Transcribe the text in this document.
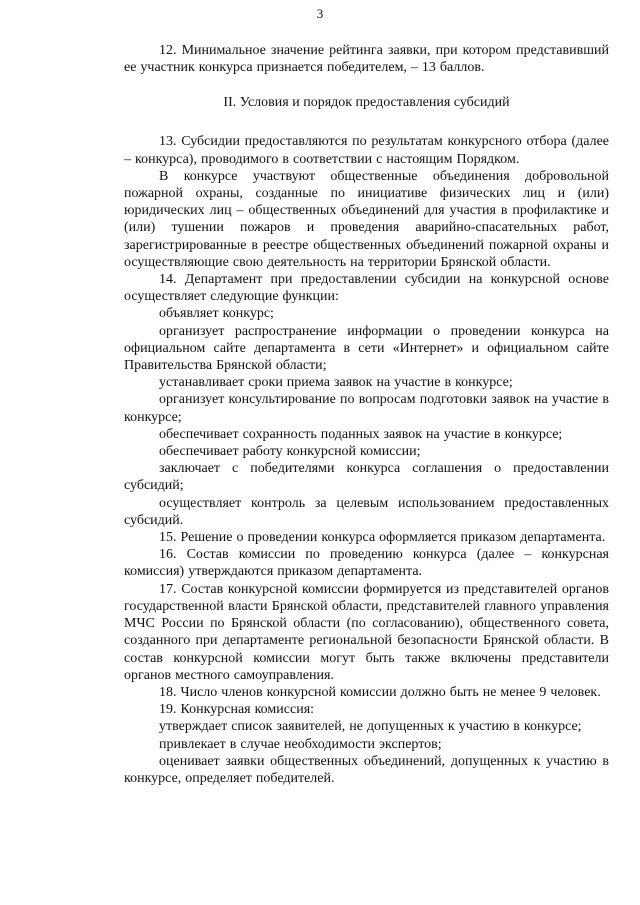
3

12. Минимальное значение рейтинга заявки, при котором представивший ее участник конкурса признается победителем, – 13 баллов.

II. Условия и порядок предоставления субсидий

13. Субсидии предоставляются по результатам конкурсного отбора (далее – конкурса), проводимого в соответствии с настоящим Порядком.

В конкурсе участвуют общественные объединения добровольной пожарной охраны, созданные по инициативе физических лиц и (или) юридических лиц – общественных объединений для участия в профилактике и (или) тушении пожаров и проведения аварийно-спасательных работ, зарегистрированные в реестре общественных объединений пожарной охраны и осуществляющие свою деятельность на территории Брянской области.

14. Департамент при предоставлении субсидии на конкурсной основе осуществляет следующие функции:

объявляет конкурс;

организует распространение информации о проведении конкурса на официальном сайте департамента в сети «Интернет» и официальном сайте Правительства Брянской области;

устанавливает сроки приема заявок на участие в конкурсе;

организует консультирование по вопросам подготовки заявок на участие в конкурсе;

обеспечивает сохранность поданных заявок на участие в конкурсе;

обеспечивает работу конкурсной комиссии;

заключает с победителями конкурса соглашения о предоставлении субсидий;

осуществляет контроль за целевым использованием предоставленных субсидий.

15. Решение о проведении конкурса оформляется приказом департамента.

16. Состав комиссии по проведению конкурса (далее – конкурсная комиссия) утверждаются приказом департамента.

17. Состав конкурсной комиссии формируется из представителей органов государственной власти Брянской области, представителей главного управления МЧС России по Брянской области (по согласованию), общественного совета, созданного при департаменте региональной безопасности Брянской области. В состав конкурсной комиссии могут быть также включены представители органов местного самоуправления.

18. Число членов конкурсной комиссии должно быть не менее 9 человек.

19. Конкурсная комиссия:

утверждает список заявителей, не допущенных к участию в конкурсе;

привлекает в случае необходимости экспертов;

оценивает заявки общественных объединений, допущенных к участию в конкурсе, определяет победителей.
